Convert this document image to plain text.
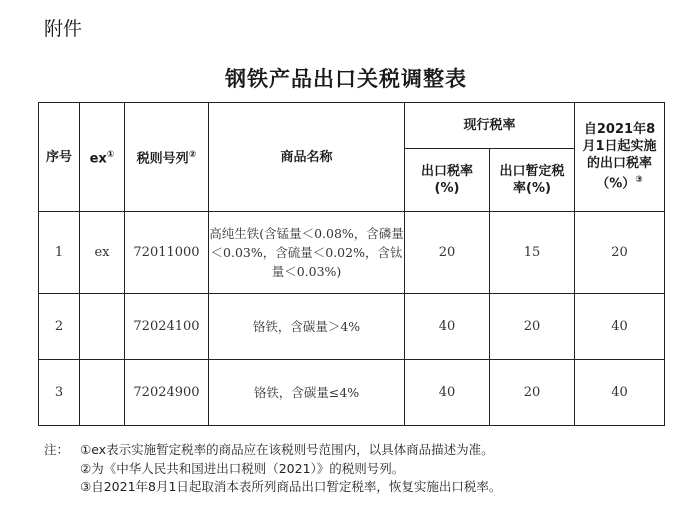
附件
钢铁产品出口关税调整表
序号	ex①	税则号列②	商品名称	现行税率		自2021年8月1日起实施的出口税率（%）③
				出口税率(%)	出口暂定税率(%)	
1	ex	72011000	高纯生铁(含锰量＜0.08%，含磷量＜0.03%，含硫量＜0.02%，含钛量＜0.03%)	20	15	20
2		72024100	铬铁，含碳量＞4%	40	20	40
3		72024900	铬铁，含碳量≤4%	40	20	40
注： ①ex表示实施暂定税率的商品应在该税则号范围内，以具体商品描述为准。
②为《中华人民共和国进出口税则（2021）》的税则号列。
③自2021年8月1日起取消本表所列商品出口暂定税率，恢复实施出口税率。
